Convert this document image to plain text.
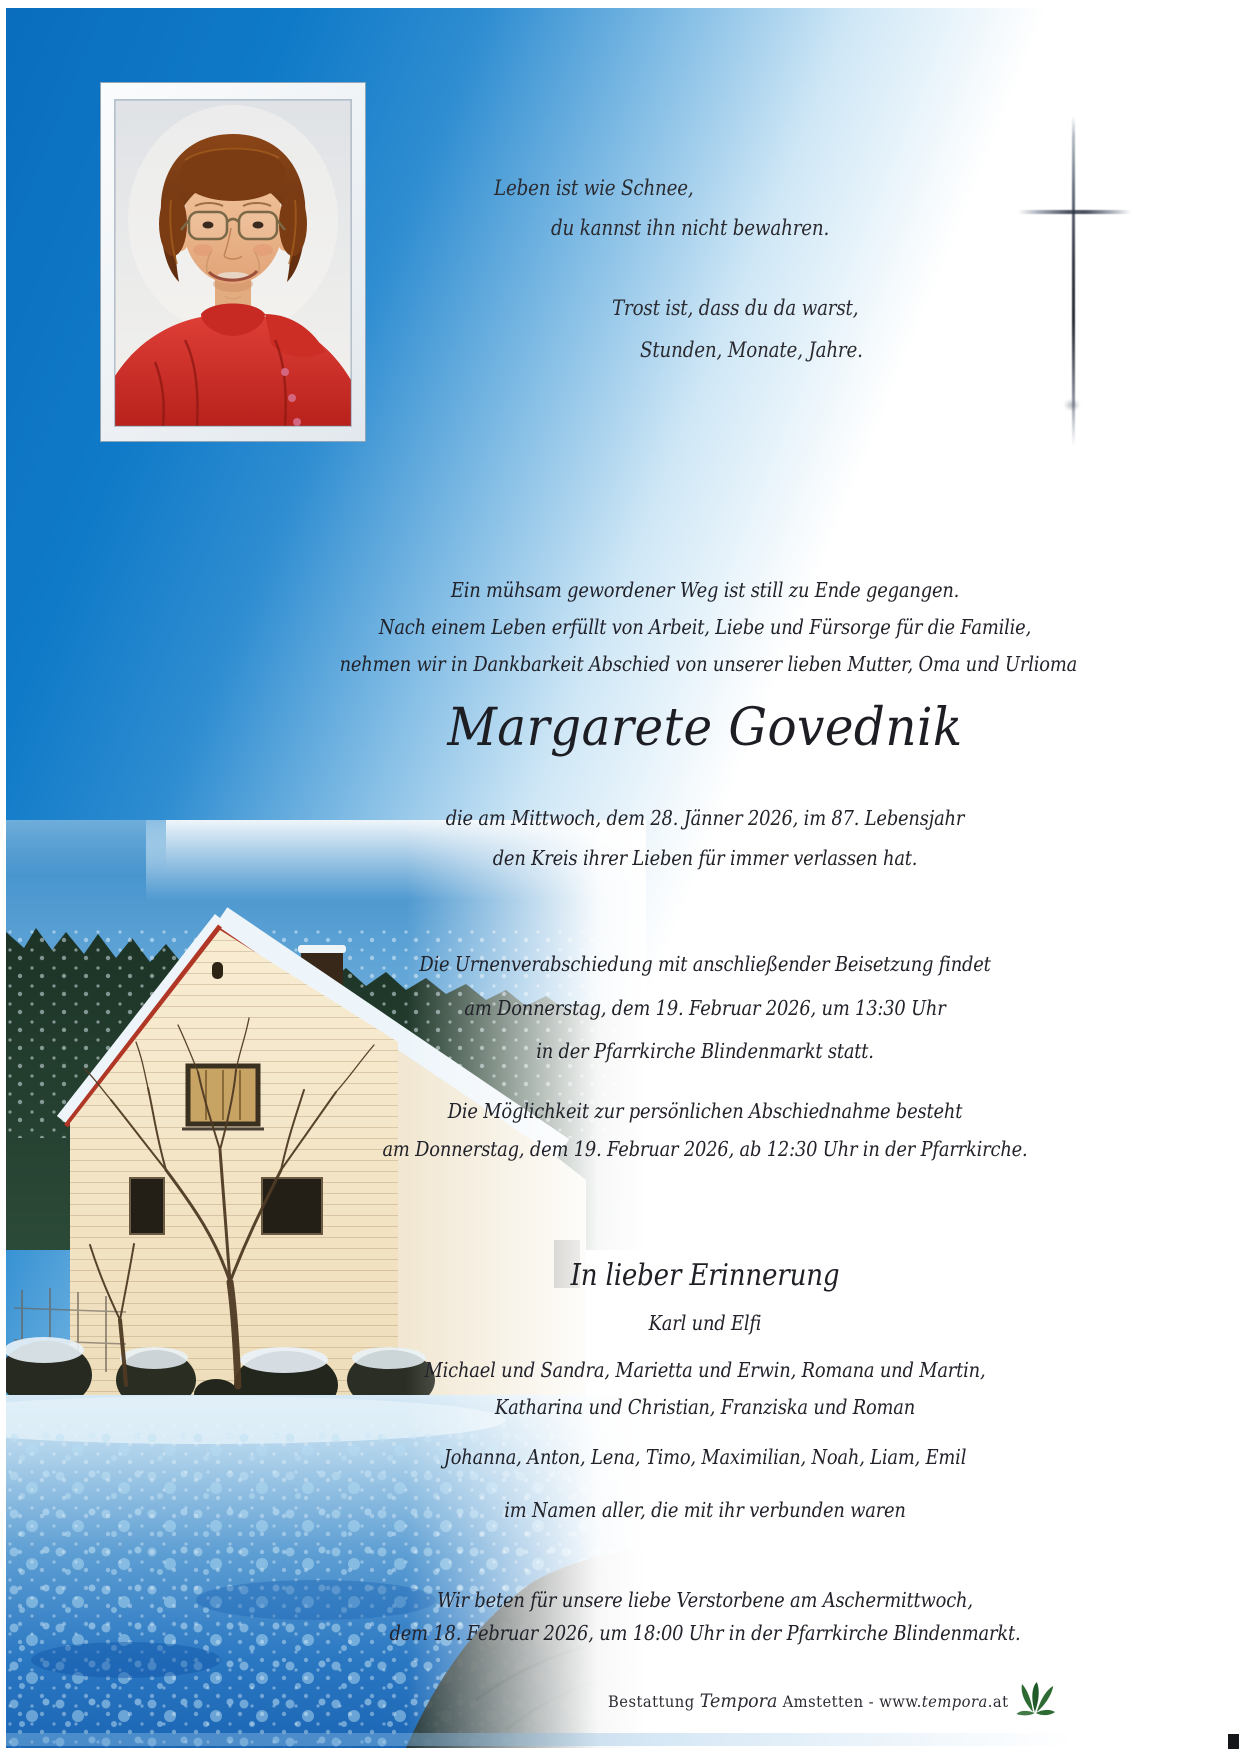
Leben ist wie Schnee,
du kannst ihn nicht bewahren.
Trost ist, dass du da warst,
Stunden, Monate, Jahre.
Ein mühsam gewordener Weg ist still zu Ende gegangen.
Nach einem Leben erfüllt von Arbeit, Liebe und Fürsorge für die Familie,
nehmen wir in Dankbarkeit Abschied von unserer lieben Mutter, Oma und Urlioma
Margarete Govednik
die am Mittwoch, dem 28. Jänner 2026, im 87. Lebensjahr
den Kreis ihrer Lieben für immer verlassen hat.
Die Urnenverabschiedung mit anschließender Beisetzung findet
am Donnerstag, dem 19. Februar 2026, um 13:30 Uhr
in der Pfarrkirche Blindenmarkt statt.
Die Möglichkeit zur persönlichen Abschiednahme besteht
am Donnerstag, dem 19. Februar 2026, ab 12:30 Uhr in der Pfarrkirche.
In lieber Erinnerung
Karl und Elfi
Michael und Sandra, Marietta und Erwin, Romana und Martin,
Katharina und Christian, Franziska und Roman
Johanna, Anton, Lena, Timo, Maximilian, Noah, Liam, Emil
im Namen aller, die mit ihr verbunden waren
Wir beten für unsere liebe Verstorbene am Aschermittwoch,
dem 18. Februar 2026, um 18:00 Uhr in der Pfarrkirche Blindenmarkt.
Bestattung Tempora Amstetten - www.tempora.at
